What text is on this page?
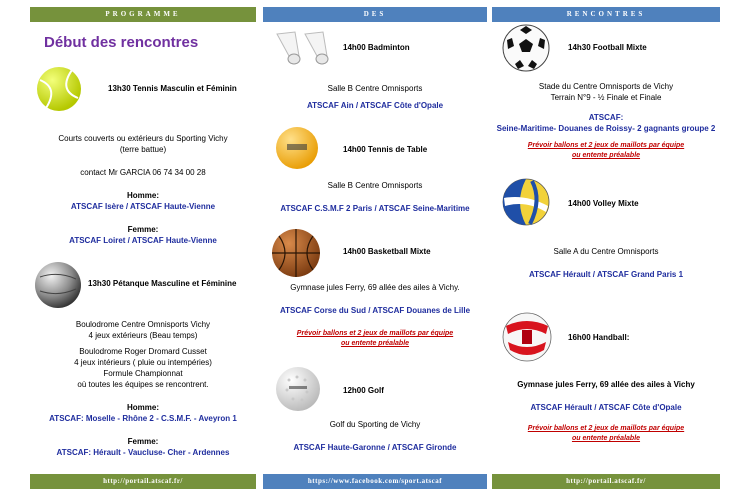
PROGRAMME
Début des rencontres
13h30 Tennis Masculin et Féminin
Courts couverts ou extérieurs du Sporting Vichy
(terre battue)
contact Mr GARCIA 06 74 34 00 28
Homme:
ATSCAF Isère / ATSCAF Haute-Vienne
Femme:
ATSCAF Loiret / ATSCAF Haute-Vienne
13h30 Pétanque Masculine et Féminine
Boulodrome Centre Omnisports Vichy
4 jeux extérieurs (Beau temps)
Boulodrome Roger Dromard Cusset
4 jeux intérieurs ( pluie ou intempéries)
Formule Championnat
où toutes les équipes se rencontrent.
Homme:
ATSCAF: Moselle - Rhône 2 - C.S.M.F. - Aveyron 1
Femme:
ATSCAF: Hérault - Vaucluse- Cher - Ardennes
http://portail.atscaf.fr/
DES
14h00 Badminton
Salle B Centre Omnisports
ATSCAF Ain / ATSCAF Côte d'Opale
14h00 Tennis de Table
Salle B Centre Omnisports
ATSCAF C.S.M.F 2 Paris / ATSCAF Seine-Maritime
14h00 Basketball Mixte
Gymnase jules Ferry, 69 allée des ailes à Vichy.
ATSCAF Corse du Sud / ATSCAF Douanes de Lille
Prévoir ballons et 2 jeux de maillots par équipe
ou entente préalable
12h00 Golf
Golf du Sporting de Vichy
ATSCAF Haute-Garonne / ATSCAF Gironde
https://www.facebook.com/sport.atscaf
RENCONTRES
14h30 Football Mixte
Stade du Centre Omnisports de Vichy
Terrain N°9 - ½ Finale et Finale
ATSCAF:
Seine-Maritime- Douanes de Roissy- 2 gagnants groupe 2
Prévoir ballons et 2 jeux de maillots par équipe
ou entente préalable
14h00 Volley Mixte
Salle A du Centre Omnisports
ATSCAF Hérault / ATSCAF Grand Paris 1
16h00 Handball:
Gymnase jules Ferry, 69 allée des ailes à Vichy
ATSCAF Hérault / ATSCAF Côte d'Opale
Prévoir ballons et 2 jeux de maillots par équipe
ou entente préalable
http://portail.atscaf.fr/
